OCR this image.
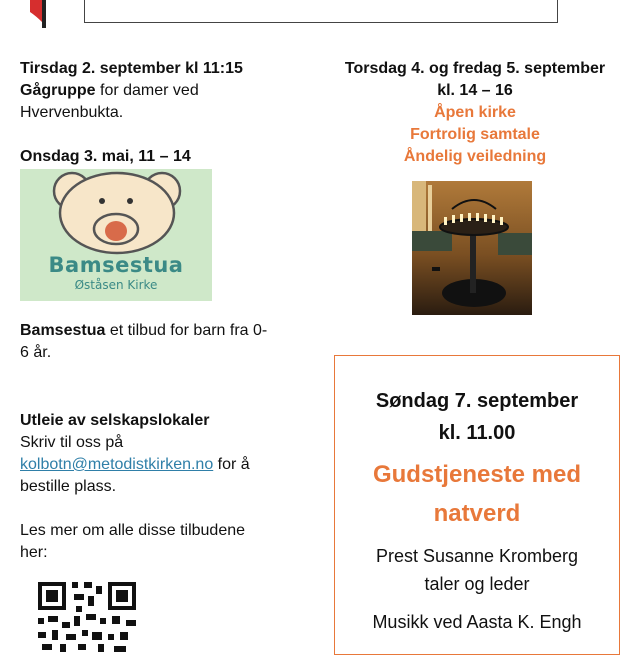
Tirsdag 2. september kl 11:15
Gågruppe for damer ved
Hvervenbukta.
Onsdag 3. mai, 11 – 14
Bamsestua
Øståsen Kirke
Bamsestua et tilbud for barn fra 0-
6 år.
Utleie av selskapslokaler
Skriv til oss på
kolbotn@metodistkirken.no for å
bestille plass.
Les mer om alle disse tilbudene
her:
Torsdag 4. og fredag 5. september
kl. 14 – 16
Åpen kirke
Fortrolig samtale
Åndelig veiledning
Søndag 7. september
kl. 11.00
Gudstjeneste med
natverd
Prest Susanne Kromberg
taler og leder
Musikk ved Aasta K. Engh
